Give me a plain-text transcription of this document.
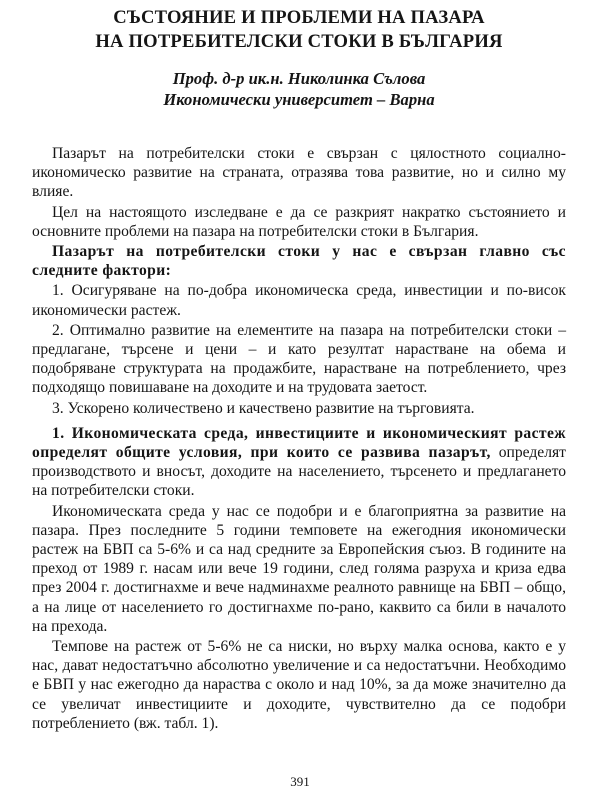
СЪСТОЯНИЕ И ПРОБЛЕМИ НА ПАЗАРА
НА ПОТРЕБИТЕЛСКИ СТОКИ В БЪЛГАРИЯ
Проф. д-р ик.н. Николинка Сълова
Икономически университет – Варна

Пазарът на потребителски стоки е свързан с цялостното социално-икономическо развитие на страната, отразява това развитие, но и силно му влияе.

Цел на настоящото изследване е да се разкрият накратко състоянието и основните проблеми на пазара на потребителски стоки в България.

Пазарът на потребителски стоки у нас е свързан главно със следните фактори:

1. Осигуряване на по-добра икономическа среда, инвестиции и по-висок икономически растеж.

2. Оптимално развитие на елементите на пазара на потребителски стоки – предлагане, търсене и цени – и като резултат нарастване на обема и подобряване структурата на продажбите, нарастване на потреблението, чрез подходящо повишаване на доходите и на трудовата заетост.

3. Ускорено количествено и качествено развитие на търговията.

1. Икономическата среда, инвестициите и икономическият растеж определят общите условия, при които се развива пазарът, определят производството и вносът, доходите на населението, търсенето и предлагането на потребителски стоки.

Икономическата среда у нас се подобри и е благоприятна за развитие на пазара. През последните 5 години темповете на ежегодния икономически растеж на БВП са 5-6% и са над средните за Европейския съюз. В годините на преход от 1989 г. насам или вече 19 години, след голяма разруха и криза едва през 2004 г. достигнахме и вече надминахме реалното равнище на БВП – общо, а на лице от населението го достигнахме по-рано, каквито са били в началото на прехода.

Темпове на растеж от 5-6% не са ниски, но върху малка основа, както е у нас, дават недостатъчно абсолютно увеличение и са недостатъчни. Необходимо е БВП у нас ежегодно да нараства с около и над 10%, за да може значително да се увеличат инвестициите и доходите, чувствително да се подобри потреблението (вж. табл. 1).

391
